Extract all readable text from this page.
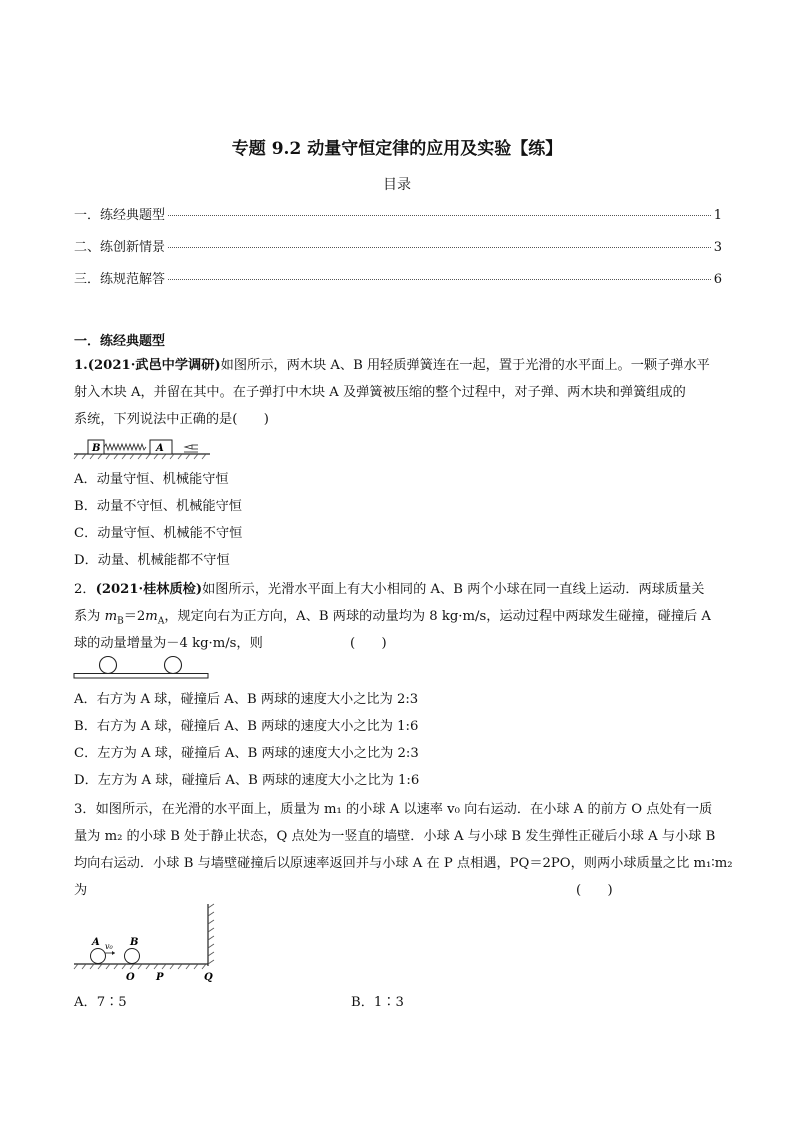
专题 9.2 动量守恒定律的应用及实验【练】
目录
一．练经典题型	1
二、练创新情景	3
三．练规范解答	6
一．练经典题型
1.(2021·武邑中学调研)如图所示，两木块 A、B 用轻质弹簧连在一起，置于光滑的水平面上。一颗子弹水平
射入木块 A，并留在其中。在子弹打中木块 A 及弹簧被压缩的整个过程中，对子弹、两木块和弹簧组成的
系统，下列说法中正确的是(　　)
B	A
A．动量守恒、机械能守恒
B．动量不守恒、机械能守恒
C．动量守恒、机械能不守恒
D．动量、机械能都不守恒
2．(2021·桂林质检)如图所示，光滑水平面上有大小相同的 A、B 两个小球在同一直线上运动．两球质量关
系为 $m_B=2m_A$，规定向右为正方向，A、B 两球的动量均为 8 kg·m/s，运动过程中两球发生碰撞，碰撞后 A
球的动量增量为－4 kg·m/s，则	(　　)
A．右方为 A 球，碰撞后 A、B 两球的速度大小之比为 2:3
B．右方为 A 球，碰撞后 A、B 两球的速度大小之比为 1:6
C．左方为 A 球，碰撞后 A、B 两球的速度大小之比为 2:3
D．左方为 A 球，碰撞后 A、B 两球的速度大小之比为 1:6
3．如图所示，在光滑的水平面上，质量为 m₁ 的小球 A 以速率 v₀ 向右运动．在小球 A 的前方 O 点处有一质
量为 m₂ 的小球 B 处于静止状态，Q 点处为一竖直的墙壁．小球 A 与小球 B 发生弹性正碰后小球 A 与小球 B
均向右运动．小球 B 与墙壁碰撞后以原速率返回并与小球 A 在 P 点相遇，PQ＝2PO，则两小球质量之比 m₁∶m₂
为	(　　)
A v₀ B
O P	Q
A．7∶5	B．1∶3
